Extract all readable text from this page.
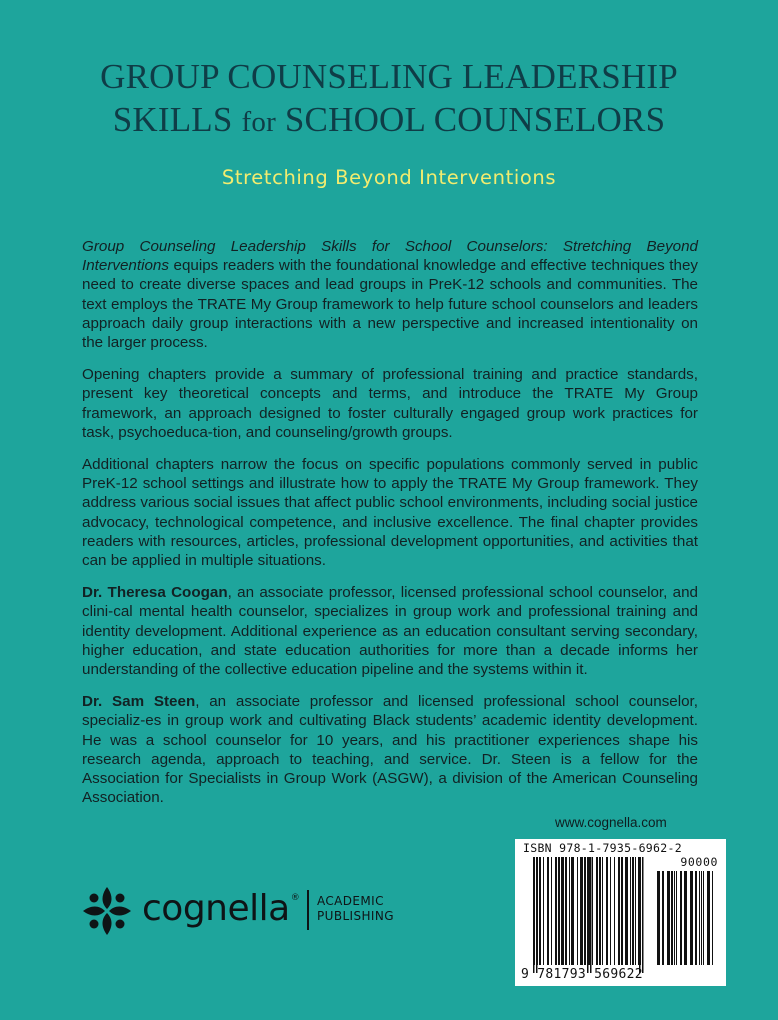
GROUP COUNSELING LEADERSHIP
SKILLS for SCHOOL COUNSELORS
Stretching Beyond Interventions

Group Counseling Leadership Skills for School Counselors: Stretching Beyond Interventions equips readers with the foundational knowledge and effective techniques they need to create diverse spaces and lead groups in PreK-12 schools and communities. The text employs the TRATE My Group framework to help future school counselors and leaders approach daily group interactions with a new perspective and increased intentionality on the larger process.

Opening chapters provide a summary of professional training and practice standards, present key theoretical concepts and terms, and introduce the TRATE My Group framework, an approach designed to foster culturally engaged group work practices for task, psychoeduca-tion, and counseling/growth groups.

Additional chapters narrow the focus on specific populations commonly served in public PreK-12 school settings and illustrate how to apply the TRATE My Group framework. They address various social issues that affect public school environments, including social justice advocacy, technological competence, and inclusive excellence. The final chapter provides readers with resources, articles, professional development opportunities, and activities that can be applied in multiple situations.

Dr. Theresa Coogan, an associate professor, licensed professional school counselor, and clini-cal mental health counselor, specializes in group work and professional training and identity development. Additional experience as an education consultant serving secondary, higher education, and state education authorities for more than a decade informs her understanding of the collective education pipeline and the systems within it.

Dr. Sam Steen, an associate professor and licensed professional school counselor, specializ-es in group work and cultivating Black students’ academic identity development. He was a school counselor for 10 years, and his practitioner experiences shape his research agenda, approach to teaching, and service. Dr. Steen is a fellow for the Association for Specialists in Group Work (ASGW), a division of the American Counseling Association.

www.cognella.com
ISBN 978-1-7935-6962-2
90000
9 781793 569622
cognella® ACADEMIC
PUBLISHING
